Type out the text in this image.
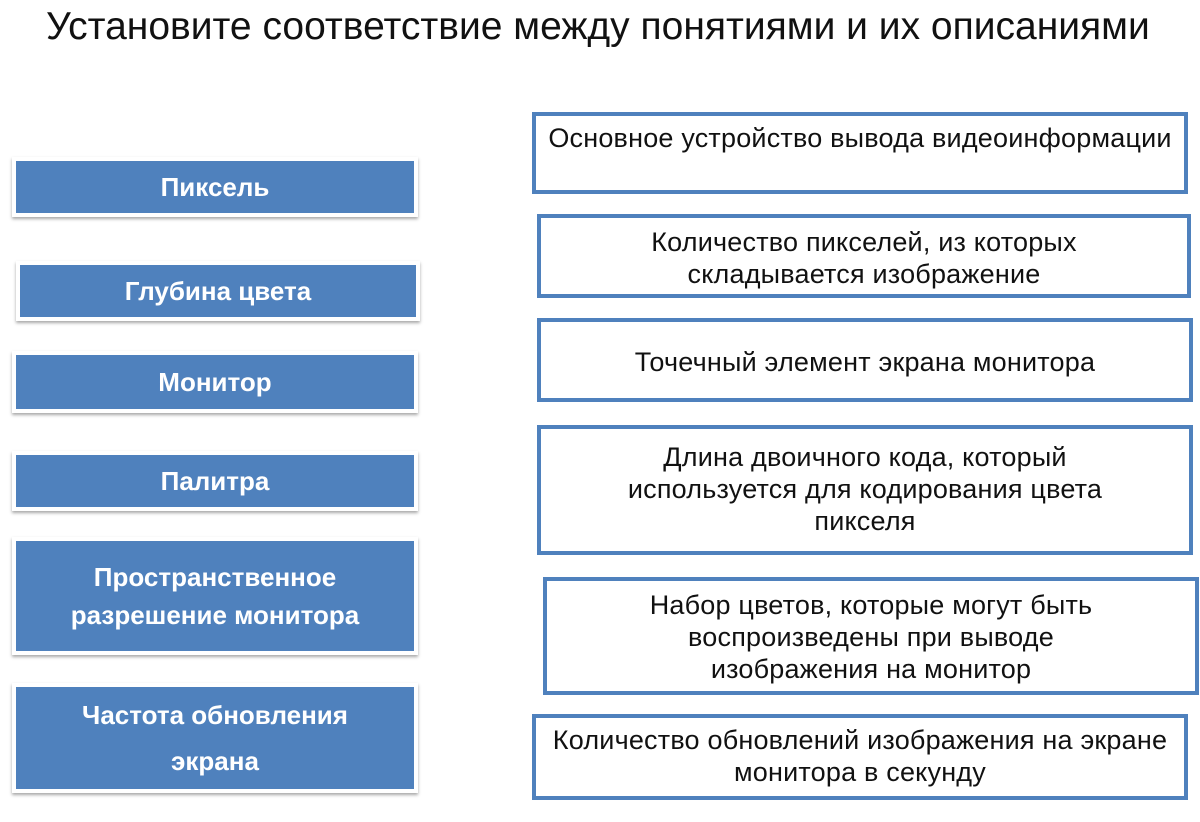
Установите соответствие между понятиями и их описаниями
Пиксель
Глубина цвета
Монитор
Палитра
Пространственное разрешение монитора
Частота обновления экрана
Основное устройство вывода видеоинформации
Количество пикселей, из которых складывается изображение
Точечный элемент экрана монитора
Длина двоичного кода, который используется для кодирования цвета пикселя
Набор цветов, которые могут быть воспроизведены при выводе изображения на монитор
Количество обновлений изображения на экране монитора в секунду
